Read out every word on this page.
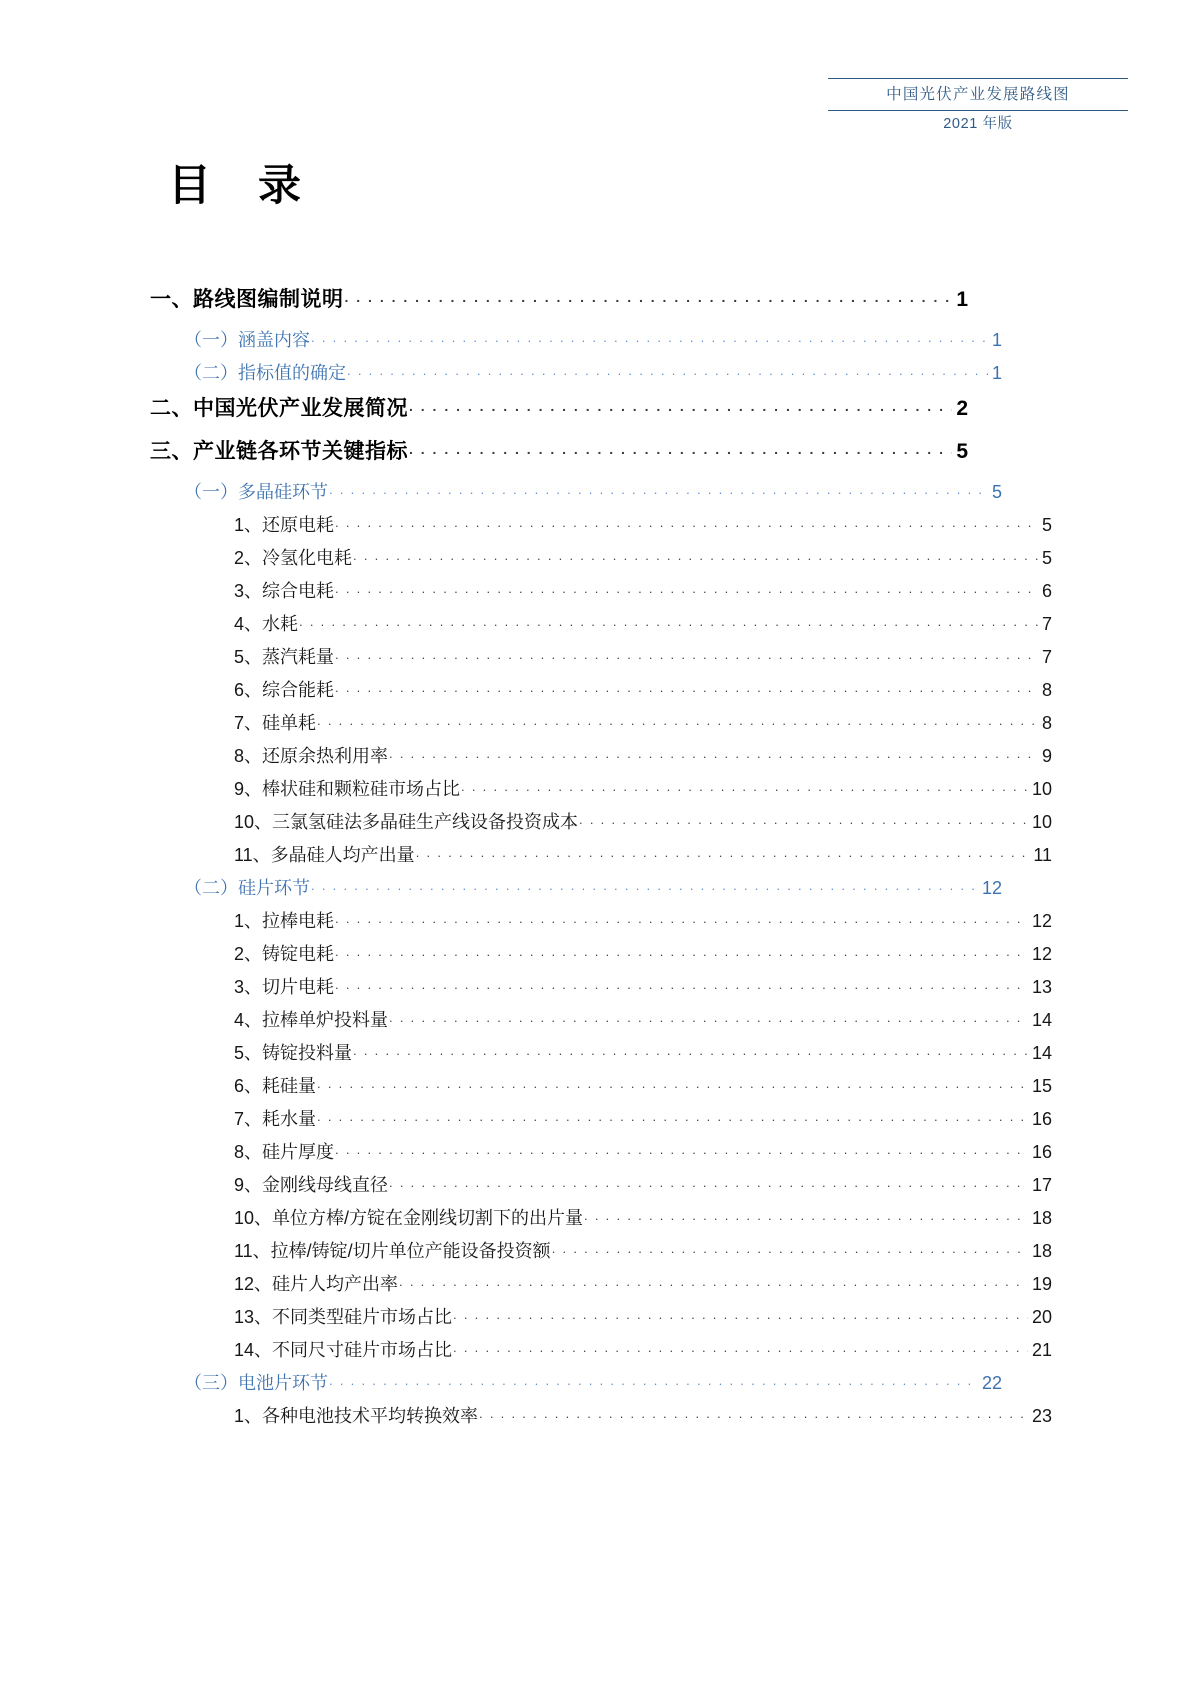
中国光伏产业发展路线图
2021 年版
目 录
一、路线图编制说明 . . .	1
（一）涵盖内容 . . .	1
（二）指标值的确定 . . .	1
二、中国光伏产业发展简况 . . .	2
三、产业链各环节关键指标 . . .	5
（一）多晶硅环节 . . .	5
1、还原电耗 . . .	5
2、冷氢化电耗 . . .	5
3、综合电耗 . . .	6
4、水耗 . . .	7
5、蒸汽耗量 . . .	7
6、综合能耗 . . .	8
7、硅单耗 . . .	8
8、还原余热利用率 . . .	9
9、棒状硅和颗粒硅市场占比 . . .	10
10、三氯氢硅法多晶硅生产线设备投资成本 . . .	10
11、多晶硅人均产出量 . . .	11
（二）硅片环节 . . .	12
1、拉棒电耗 . . .	12
2、铸锭电耗 . . .	12
3、切片电耗 . . .	13
4、拉棒单炉投料量 . . .	14
5、铸锭投料量 . . .	14
6、耗硅量 . . .	15
7、耗水量 . . .	16
8、硅片厚度 . . .	16
9、金刚线母线直径 . . .	17
10、单位方棒/方锭在金刚线切割下的出片量 . . .	18
11、拉棒/铸锭/切片单位产能设备投资额 . . .	18
12、硅片人均产出率 . . .	19
13、不同类型硅片市场占比 . . .	20
14、不同尺寸硅片市场占比 . . .	21
（三）电池片环节 . . .	22
1、各种电池技术平均转换效率 . . .	23
